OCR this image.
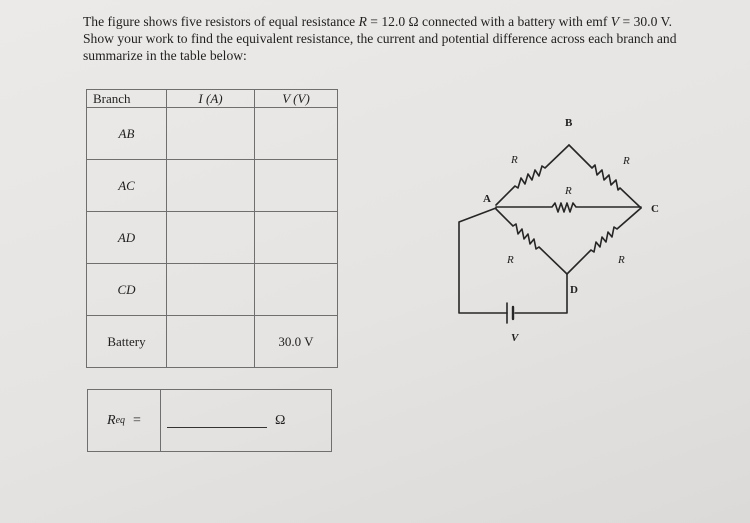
The figure shows five resistors of equal resistance R = 12.0 Ω connected with a battery with emf V = 30.0 V. Show your work to find the equivalent resistance, the current and potential difference across each branch and summarize in the table below:
Branch	I (A)	V (V)
AB		
AC		
AD		
CD		
Battery		30.0 V
R eq =	Ω
A
B
C
D
R	R
R
R	R
V
